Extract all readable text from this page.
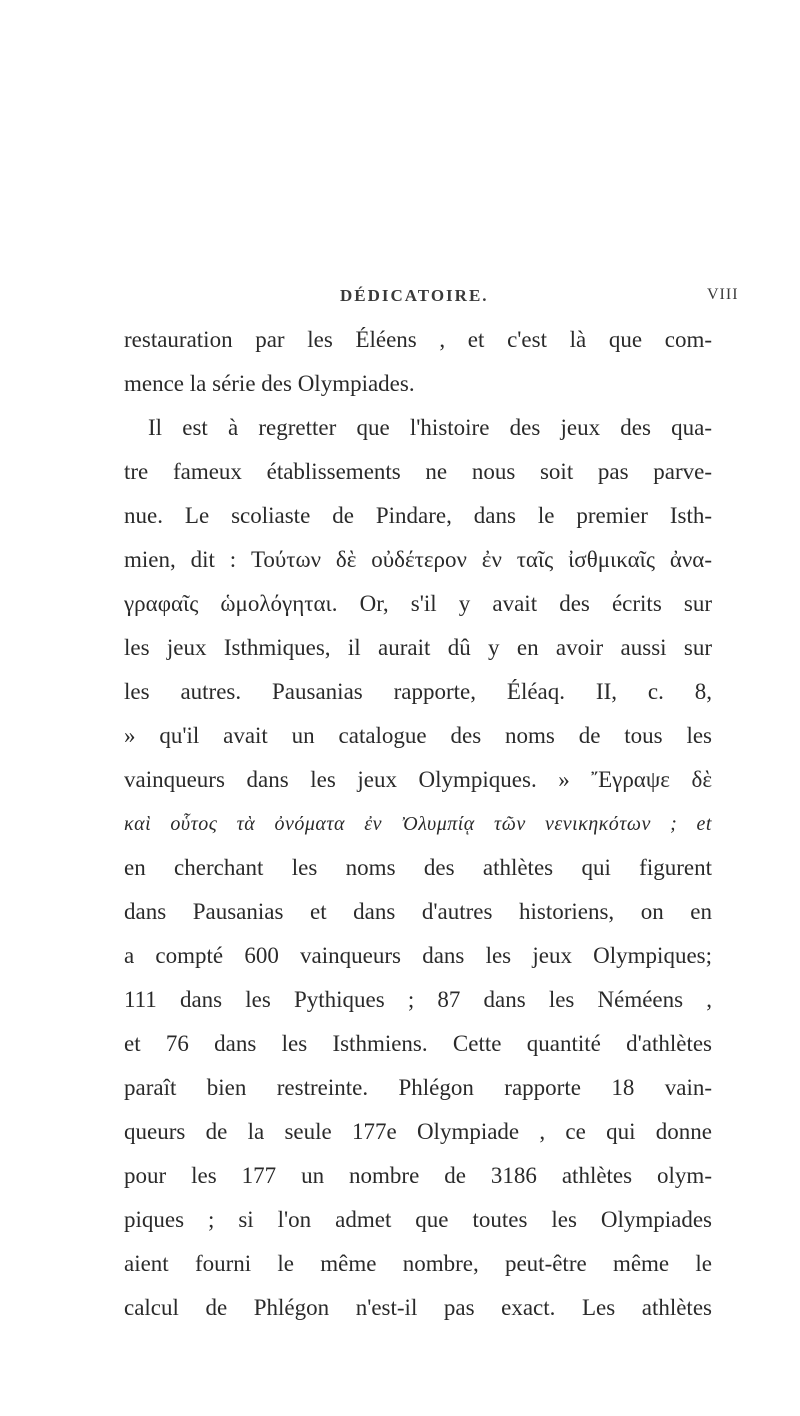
DÉDICATOIRE.	VIII
restauration par les Éléens , et c'est là que com-
mence la série des Olympiades.
Il est à regretter que l'histoire des jeux des qua-
tre fameux établissements ne nous soit pas parve-
nue. Le scoliaste de Pindare, dans le premier Isth-
mien, dit : Τούτων δὲ οὐδέτερον ἐν ταῖς ἰσθμικαῖς ἀνα-
γραφαῖς ὡμολόγηται. Or, s'il y avait des écrits sur
les jeux Isthmiques, il aurait dû y en avoir aussi sur
les autres. Pausanias rapporte, Éléaq. II, c. 8,
» qu'il avait un catalogue des noms de tous les
vainqueurs dans les jeux Olympiques. » Ἔγραψε δὲ
καὶ οὗτος τὰ ὀνόματα ἐν Ὀλυμπίᾳ τῶν νενικηκότων ; et
en cherchant les noms des athlètes qui figurent
dans Pausanias et dans d'autres historiens, on en
a compté 600 vainqueurs dans les jeux Olympiques;
111 dans les Pythiques ; 87 dans les Néméens ,
et 76 dans les Isthmiens. Cette quantité d'athlètes
paraît bien restreinte. Phlégon rapporte 18 vain-
queurs de la seule 177e Olympiade , ce qui donne
pour les 177 un nombre de 3186 athlètes olym-
piques ; si l'on admet que toutes les Olympiades
aient fourni le même nombre, peut-être même le
calcul de Phlégon n'est-il pas exact. Les athlètes
